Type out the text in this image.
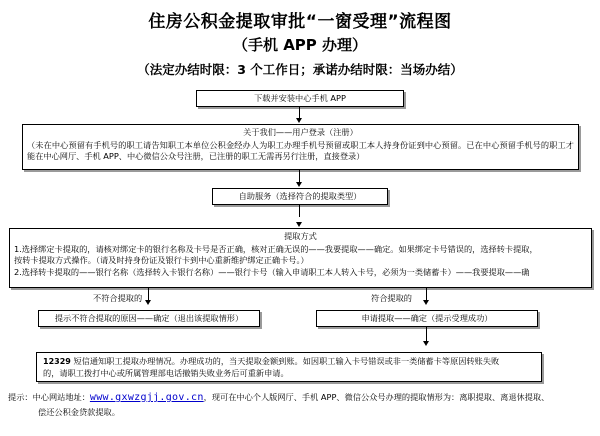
住房公积金提取审批“一窗受理”流程图
（手机 APP 办理）
（法定办结时限：3 个工作日；承诺办结时限：当场办结）

下载并安装中心手机 APP

关于我们——用户登录（注册）

（未在中心预留有手机号的职工请告知职工本单位公积金经办人为职工办理手机号预留或职工本人持身份证到中心预留。已在中心预留手机号的职工才能在中心网厅、手机 APP、中心微信公众号注册，已注册的职工无需再另行注册，直接登录）

自助服务（选择符合的提取类型）

提取方式

1.选择绑定卡提取的，请核对绑定卡的银行名称及卡号是否正确，核对正确无误的——我要提取——确定。如果绑定卡号错误的，选择转卡提取，

按转卡提取方式操作。（请及时持身份证及银行卡到中心重新维护绑定正确卡号。）

2.选择转卡提取的——银行名称（选择转入卡银行名称）——银行卡号（输入申请职工本人转入卡号，必须为一类储蓄卡）——我要提取——确

不符合提取的	符合提取的

提示不符合提取的原因——确定（退出该提取情形）	申请提取——确定（提示受理成功）

12329 短信通知职工提取办理情况。办理成功的，当天提取金额到账。如因职工输入卡号错误或非一类储蓄卡等原因转账失败

的，请职工拨打中心或所属管理部电话撤销失败业务后可重新申请。

提示：中心网站地址：www.gxwzgjj.gov.cn，现可在中心个人版网厅、手机 APP、微信公众号办理的提取情形为：离职提取、离退休提取、
偿还公积金贷款提取。
